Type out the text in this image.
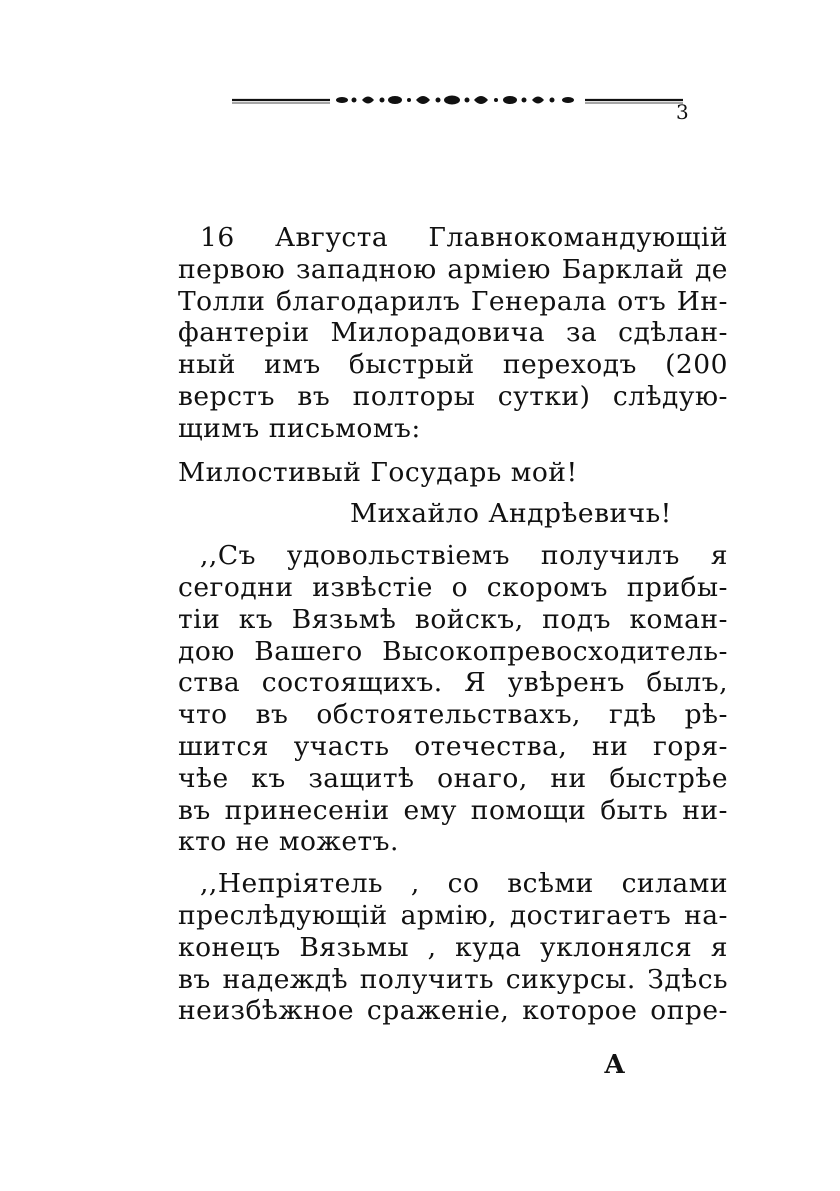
3
16 Августа Главнокомандующій
первою западною арміею Барклай де
Толли благодарилъ Генерала отъ Ин-
фантеріи Милорадовича за сдѣлан-
ный имъ быстрый переходъ (200
верстъ въ полторы сутки) слѣдую-
щимъ письмомъ:
Милостивый Государь мой!
Михайло Андрѣевичь!
,,Съ удовольствіемъ получилъ я
сегодни извѣстіе о скоромъ прибы-
тіи къ Вязьмѣ войскъ, подъ коман-
дою Вашего Высокопревосходитель-
ства состоящихъ. Я увѣренъ былъ,
что въ обстоятельствахъ, гдѣ рѣ-
шится участь отечества, ни горя-
чѣе къ защитѣ онаго, ни быстрѣе
въ принесеніи ему помощи быть ни-
кто не можетъ.
,,Непріятель , со всѣми силами
преслѣдующій армію, достигаетъ на-
конецъ Вязьмы , куда уклонялся я
въ надеждѣ получить сикурсы. Здѣсь
неизбѣжное сраженіе, которое опре-
А
